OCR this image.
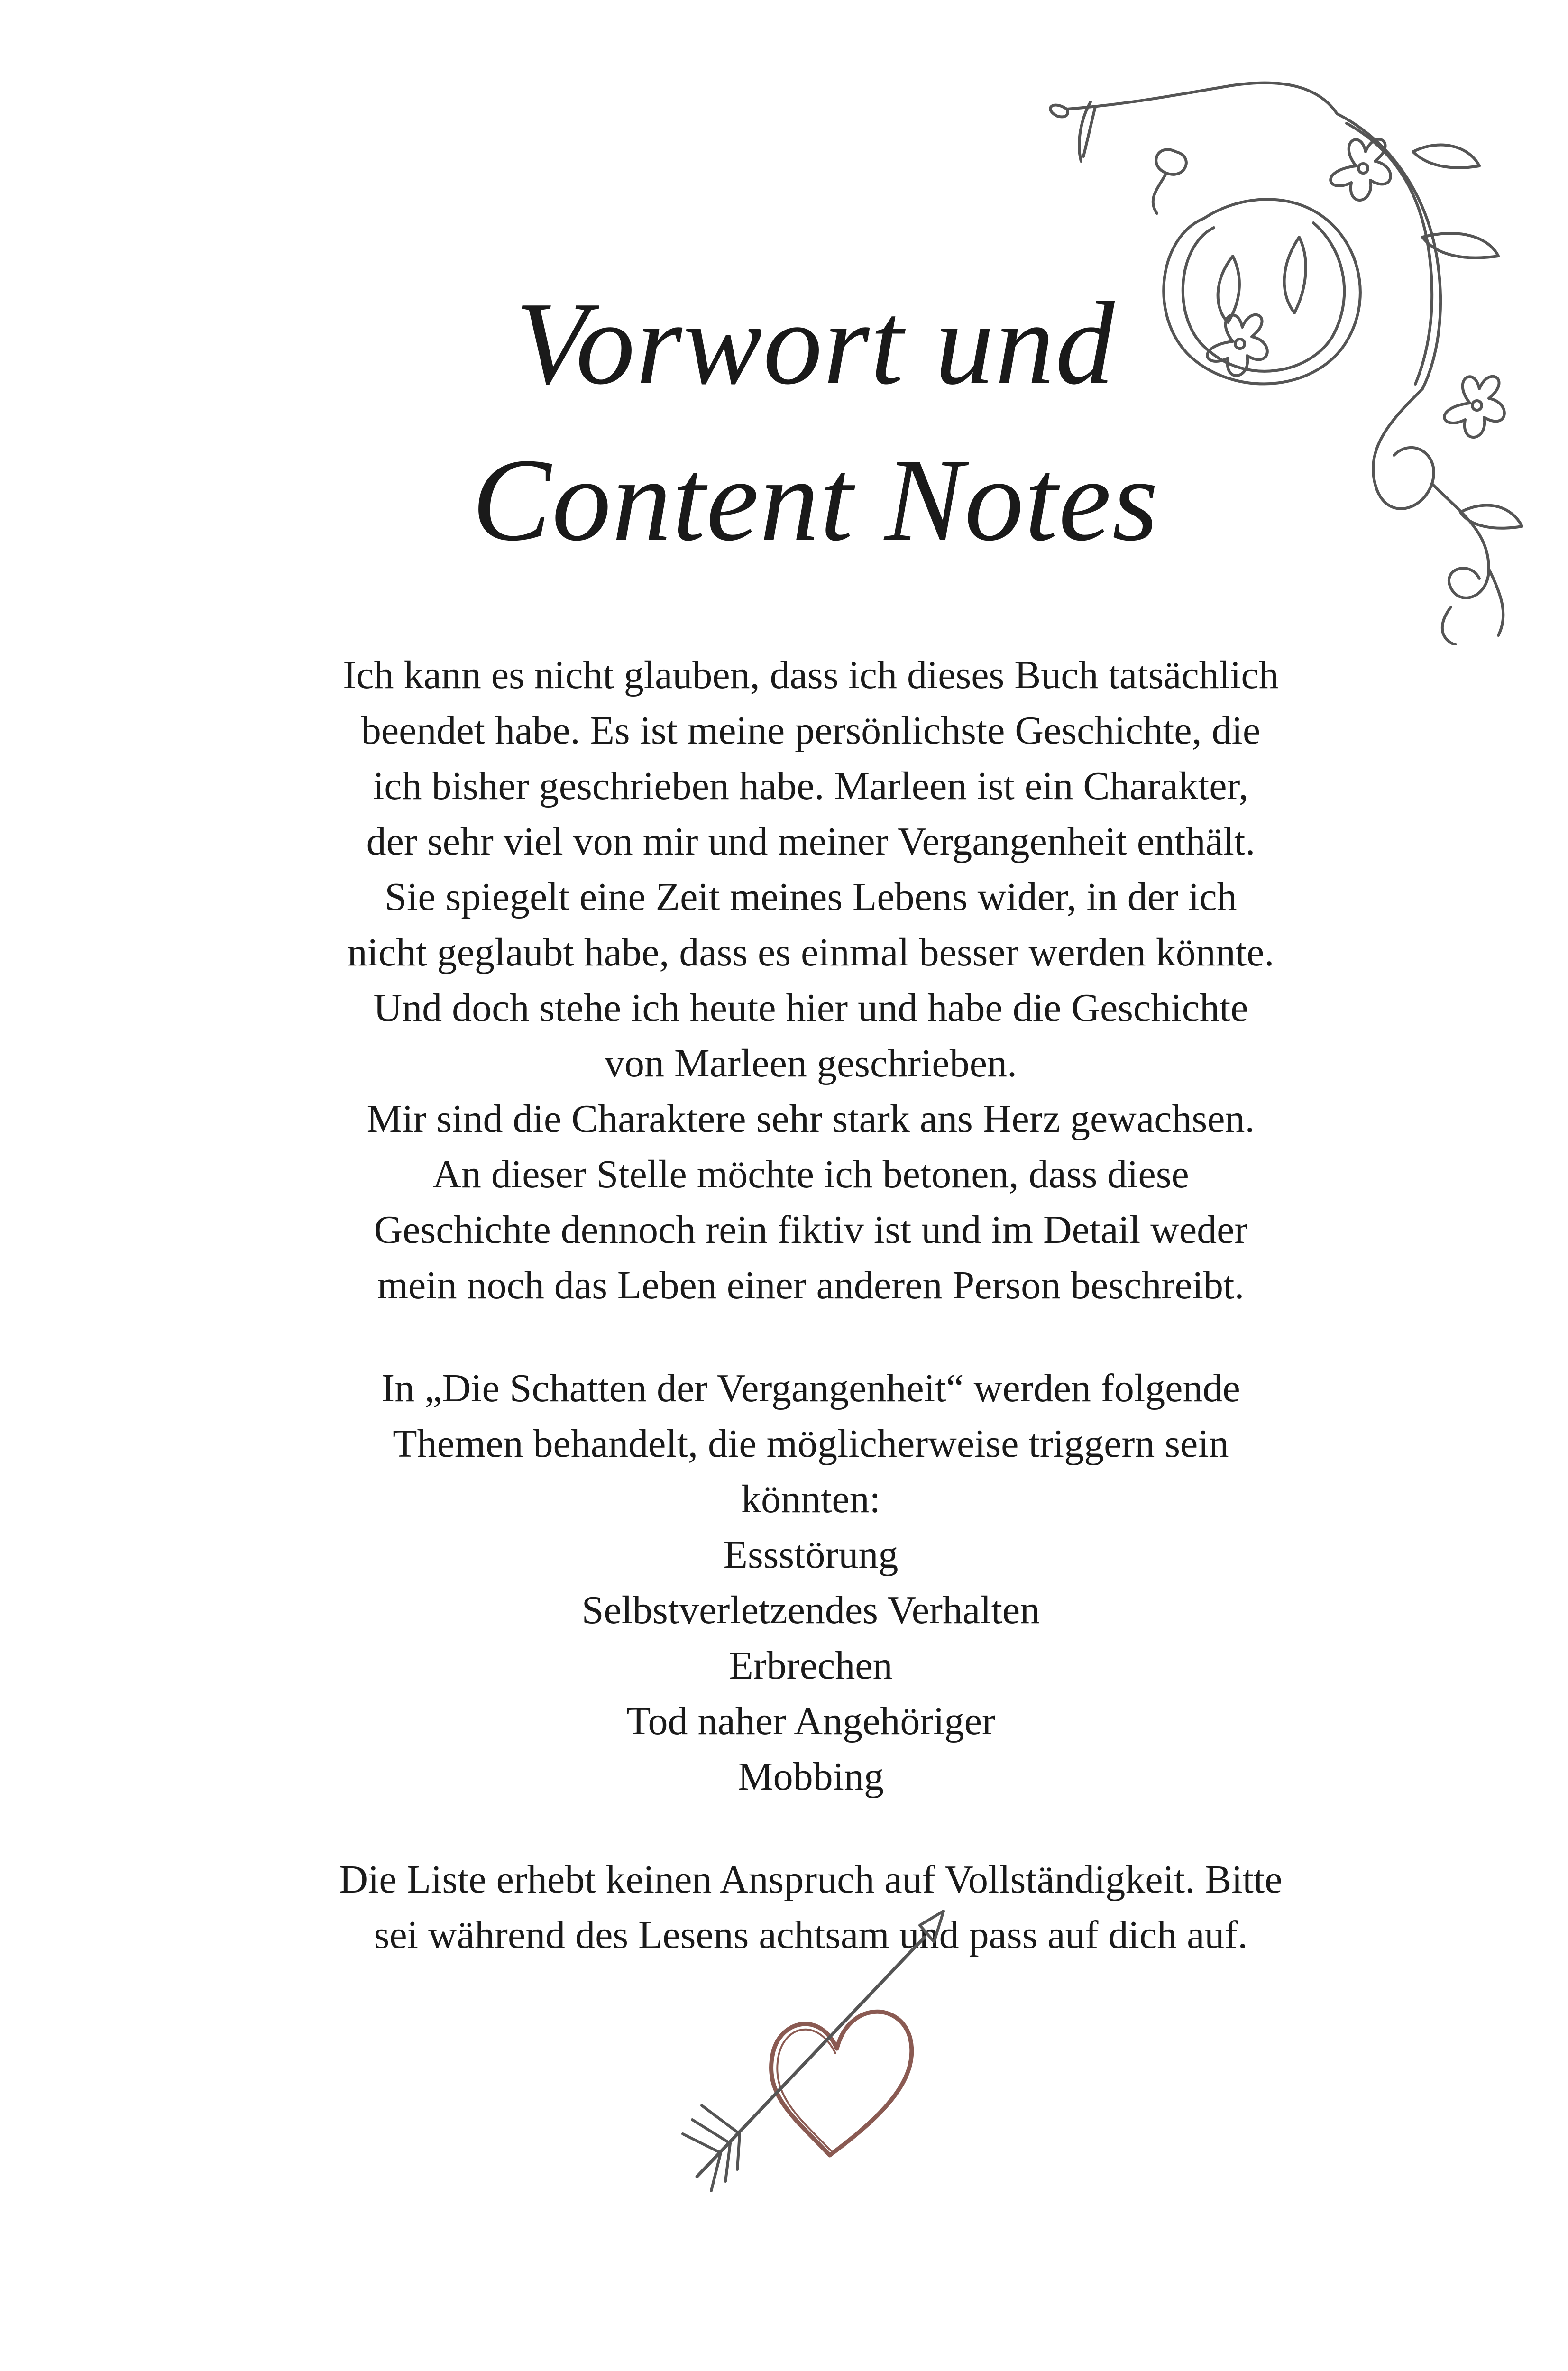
Vorwort und
Content Notes
Ich kann es nicht glauben, dass ich dieses Buch tatsächlich
beendet habe. Es ist meine persönlichste Geschichte, die
ich bisher geschrieben habe. Marleen ist ein Charakter,
der sehr viel von mir und meiner Vergangenheit enthält.
Sie spiegelt eine Zeit meines Lebens wider, in der ich
nicht geglaubt habe, dass es einmal besser werden könnte.
Und doch stehe ich heute hier und habe die Geschichte
von Marleen geschrieben.
Mir sind die Charaktere sehr stark ans Herz gewachsen.
An dieser Stelle möchte ich betonen, dass diese
Geschichte dennoch rein fiktiv ist und im Detail weder
mein noch das Leben einer anderen Person beschreibt.
In „Die Schatten der Vergangenheit“ werden folgende
Themen behandelt, die möglicherweise triggern sein
könnten:
Essstörung
Selbstverletzendes Verhalten
Erbrechen
Tod naher Angehöriger
Mobbing
Die Liste erhebt keinen Anspruch auf Vollständigkeit. Bitte
sei während des Lesens achtsam und pass auf dich auf.
